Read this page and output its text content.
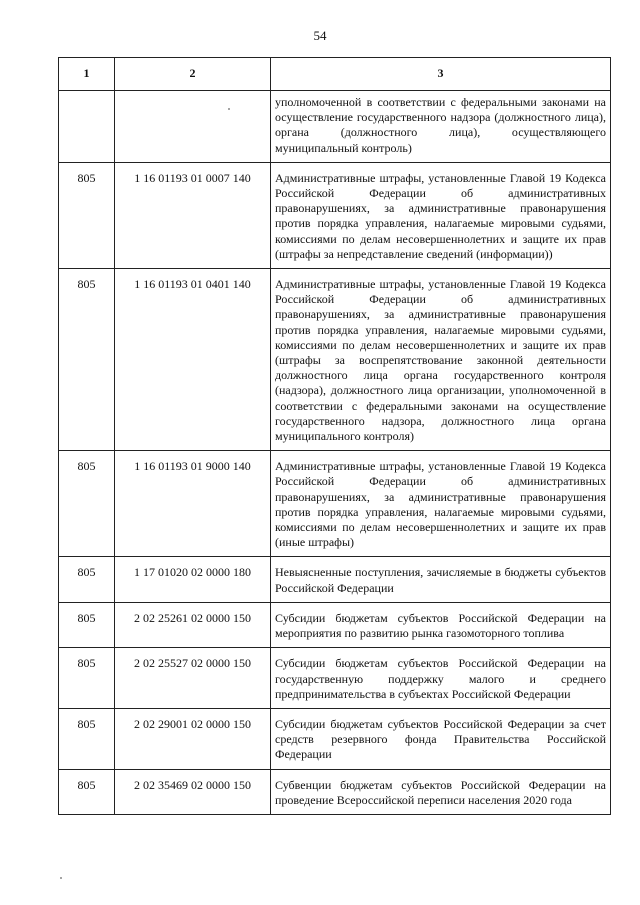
54
1	2	3
		уполномоченной в соответствии с федеральными законами на осуществление государственного надзора (должностного лица), органа (должностного лица), осуществляющего муниципальный контроль)
805	1 16 01193 01 0007 140	Административные штрафы, установленные Главой 19 Кодекса Российской Федерации об административных правонарушениях, за административные правонарушения против порядка управления, налагаемые мировыми судьями, комиссиями по делам несовершеннолетних и защите их прав (штрафы за непредставление сведений (информации))
805	1 16 01193 01 0401 140	Административные штрафы, установленные Главой 19 Кодекса Российской Федерации об административных правонарушениях, за административные правонарушения против порядка управления, налагаемые мировыми судьями, комиссиями по делам несовершеннолетних и защите их прав (штрафы за воспрепятствование законной деятельности должностного лица органа государственного контроля (надзора), должностного лица организации, уполномоченной в соответствии с федеральными законами на осуществление государственного надзора, должностного лица органа муниципального контроля)
805	1 16 01193 01 9000 140	Административные штрафы, установленные Главой 19 Кодекса Российской Федерации об административных правонарушениях, за административные правонарушения против порядка управления, налагаемые мировыми судьями, комиссиями по делам несовершеннолетних и защите их прав (иные штрафы)
805	1 17 01020 02 0000 180	Невыясненные поступления, зачисляемые в бюджеты субъектов Российской Федерации
805	2 02 25261 02 0000 150	Субсидии бюджетам субъектов Российской Федерации на мероприятия по развитию рынка газомоторного топлива
805	2 02 25527 02 0000 150	Субсидии бюджетам субъектов Российской Федерации на государственную поддержку малого и среднего предпринимательства в субъектах Российской Федерации
805	2 02 29001 02 0000 150	Субсидии бюджетам субъектов Российской Федерации за счет средств резервного фонда Правительства Российской Федерации
805	2 02 35469 02 0000 150	Субвенции бюджетам субъектов Российской Федерации на проведение Всероссийской переписи населения 2020 года
